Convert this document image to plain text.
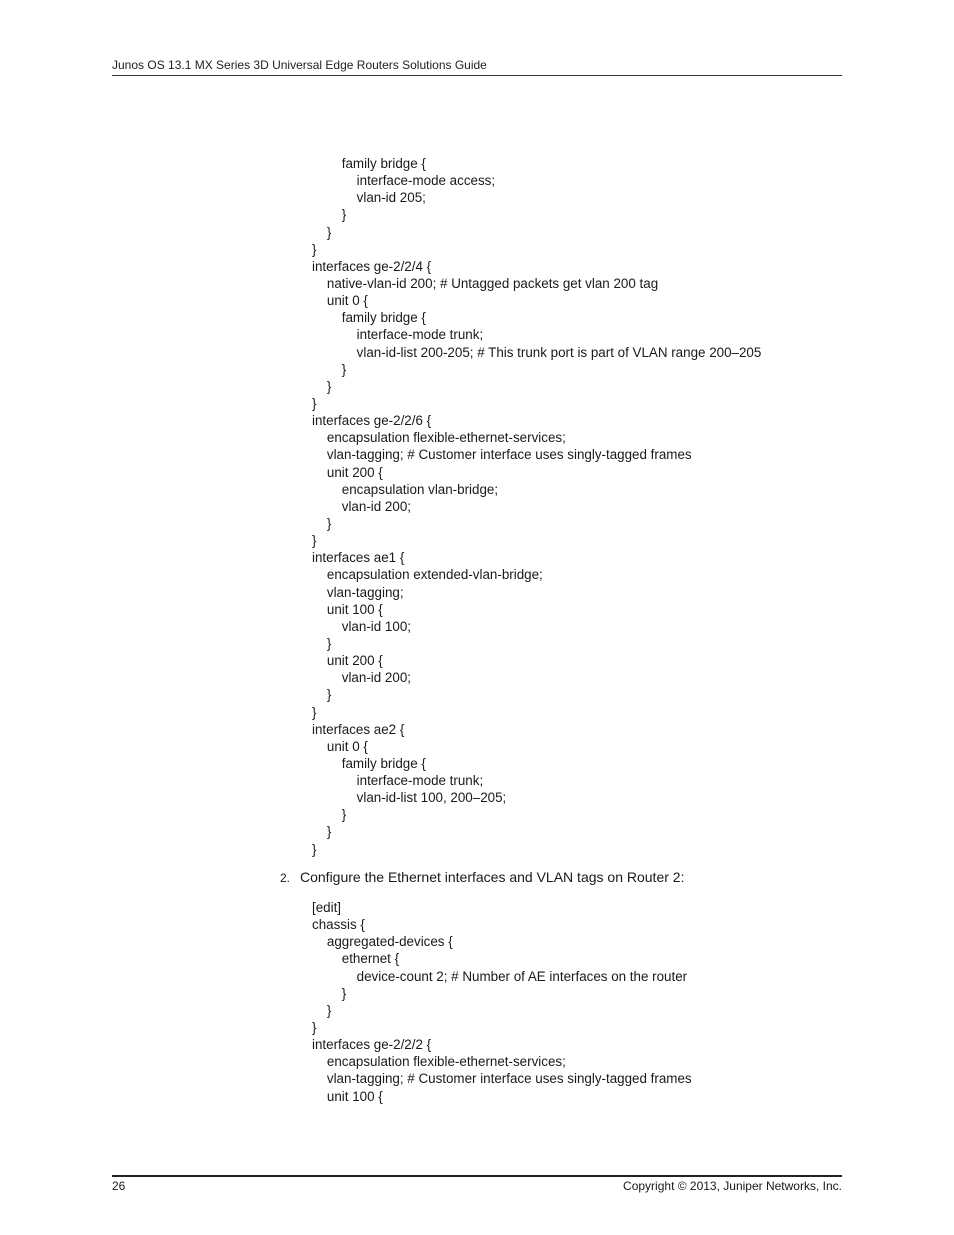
Junos OS 13.1 MX Series 3D Universal Edge Routers Solutions Guide
family bridge {
interface-mode access;
vlan-id 205;
}
}
}
interfaces ge-2/2/4 {
native-vlan-id 200; # Untagged packets get vlan 200 tag
unit 0 {
family bridge {
interface-mode trunk;
vlan-id-list 200-205; # This trunk port is part of VLAN range 200–205
}
}
}
interfaces ge-2/2/6 {
encapsulation flexible-ethernet-services;
vlan-tagging; # Customer interface uses singly-tagged frames
unit 200 {
encapsulation vlan-bridge;
vlan-id 200;
}
}
interfaces ae1 {
encapsulation extended-vlan-bridge;
vlan-tagging;
unit 100 {
vlan-id 100;
}
unit 200 {
vlan-id 200;
}
}
interfaces ae2 {
unit 0 {
family bridge {
interface-mode trunk;
vlan-id-list 100, 200–205;
}
}
}
2. Configure the Ethernet interfaces and VLAN tags on Router 2:
[edit]
chassis {
aggregated-devices {
ethernet {
device-count 2; # Number of AE interfaces on the router
}
}
}
interfaces ge-2/2/2 {
encapsulation flexible-ethernet-services;
vlan-tagging; # Customer interface uses singly-tagged frames
unit 100 {
26	Copyright © 2013, Juniper Networks, Inc.
